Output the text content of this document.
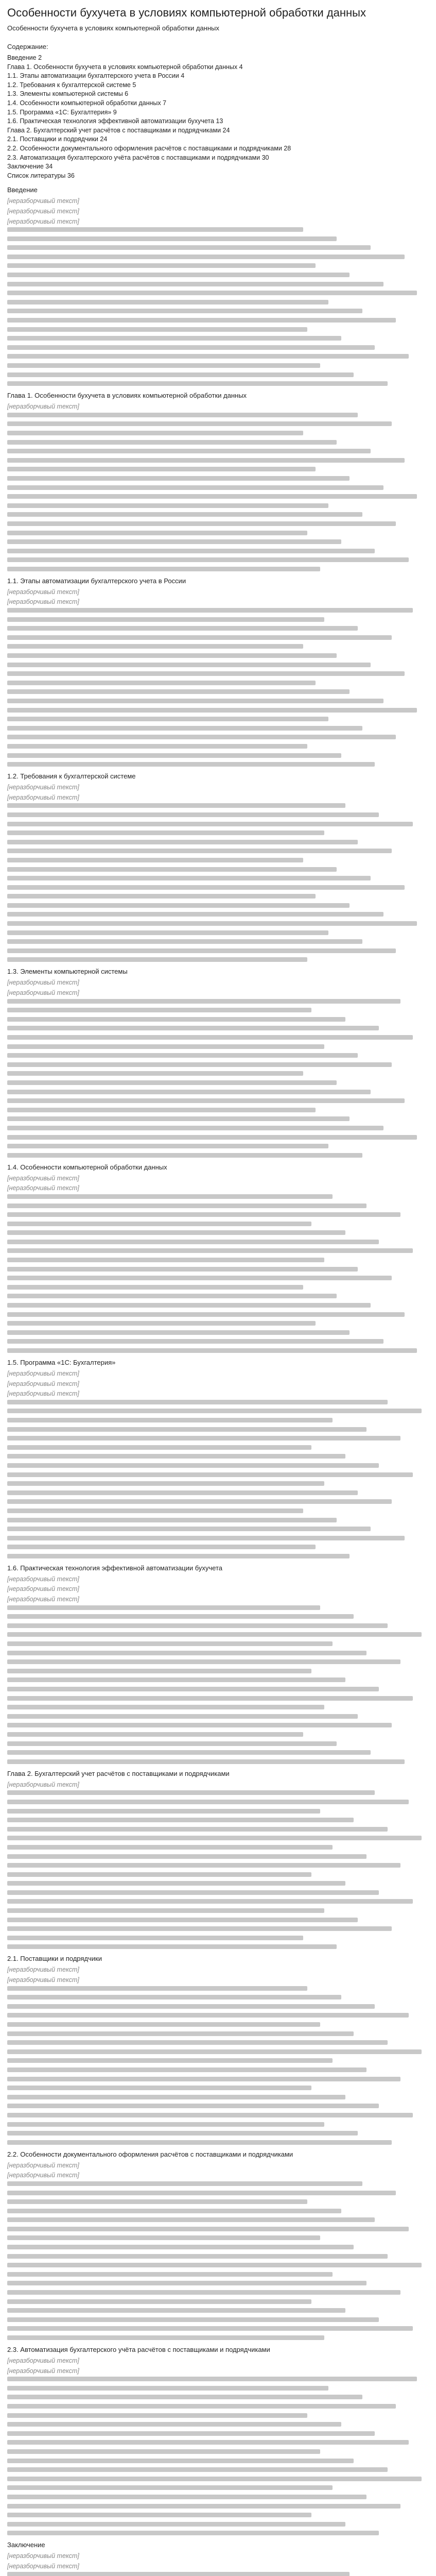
Особенности бухучета в условиях компьютерной обработки данных
Особенности бухучета в условиях компьютерной обработки данных
Содержание:
Введение 2
Глава 1. Особенности бухучета в условиях компьютерной обработки данных 4
1.1. Этапы автоматизации бухгалтерского учета в России 4
1.2. Требования к бухгалтерской системе 5
1.3. Элементы компьютерной системы 6
1.4. Особенности компьютерной обработки данных 7
1.5. Программа «1С: Бухгалтерия» 9
1.6. Практическая технология эффективной автоматизации бухучета 13
Глава 2. Бухгалтерский учет расчётов с поставщиками и подрядчиками 24
2.1. Поставщики и подрядчики 24
2.2. Особенности документального оформления расчётов с поставщиками и подрядчиками 28
2.3. Автоматизация бухгалтерского учёта расчётов с поставщиками и подрядчиками 30
Заключение 34
Список литературы 36
Введение
[неразборчивый текст]
[неразборчивый текст]
[неразборчивый текст]
Глава 1. Особенности бухучета в условиях компьютерной обработки данных
[неразборчивый текст]
1.1. Этапы автоматизации бухгалтерского учета в России
[неразборчивый текст]
[неразборчивый текст]
1.2. Требования к бухгалтерской системе
[неразборчивый текст]
[неразборчивый текст]
1.3. Элементы компьютерной системы
[неразборчивый текст]
[неразборчивый текст]
1.4. Особенности компьютерной обработки данных
[неразборчивый текст]
[неразборчивый текст]
1.5. Программа «1С: Бухгалтерия»
[неразборчивый текст]
[неразборчивый текст]
[неразборчивый текст]
1.6. Практическая технология эффективной автоматизации бухучета
[неразборчивый текст]
[неразборчивый текст]
[неразборчивый текст]
Глава 2. Бухгалтерский учет расчётов с поставщиками и подрядчиками
[неразборчивый текст]
2.1. Поставщики и подрядчики
[неразборчивый текст]
[неразборчивый текст]
2.2. Особенности документального оформления расчётов с поставщиками и подрядчиками
[неразборчивый текст]
[неразборчивый текст]
2.3. Автоматизация бухгалтерского учёта расчётов с поставщиками и подрядчиками
[неразборчивый текст]
[неразборчивый текст]
Заключение
[неразборчивый текст]
[неразборчивый текст]
